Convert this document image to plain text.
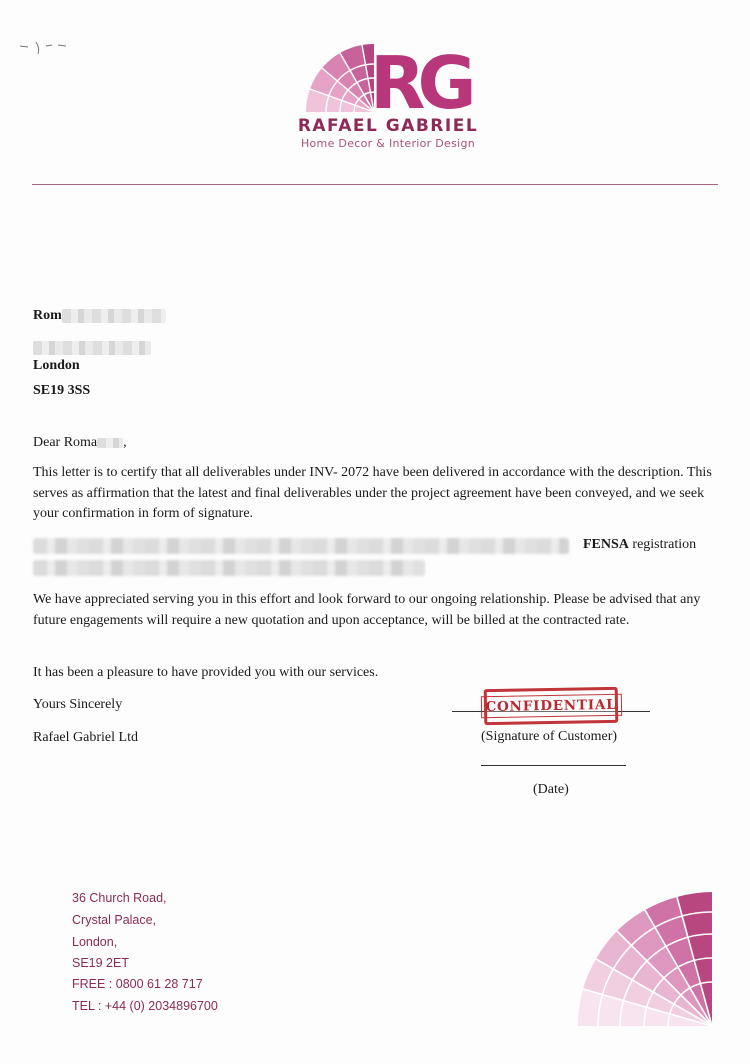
RG
RAFAEL GABRIEL
Home Decor & Interior Design
Rom
London
SE19 3SS
Dear Roma ,
This letter is to certify that all deliverables under INV- 2072 have been delivered in accordance with the description. This serves as affirmation that the latest and final deliverables under the project agreement have been conveyed, and we seek your confirmation in form of signature.
FENSA registration
We have appreciated serving you in this effort and look forward to our ongoing relationship. Please be advised that any future engagements will require a new quotation and upon acceptance, will be billed at the contracted rate.
It has been a pleasure to have provided you with our services.
Yours Sincerely
Rafael Gabriel Ltd
CONFIDENTIAL
(Signature of Customer)
(Date)
36 Church Road,
Crystal Palace,
London,
SE19 2ET
FREE : 0800 61 28 717
TEL : +44 (0) 2034896700
